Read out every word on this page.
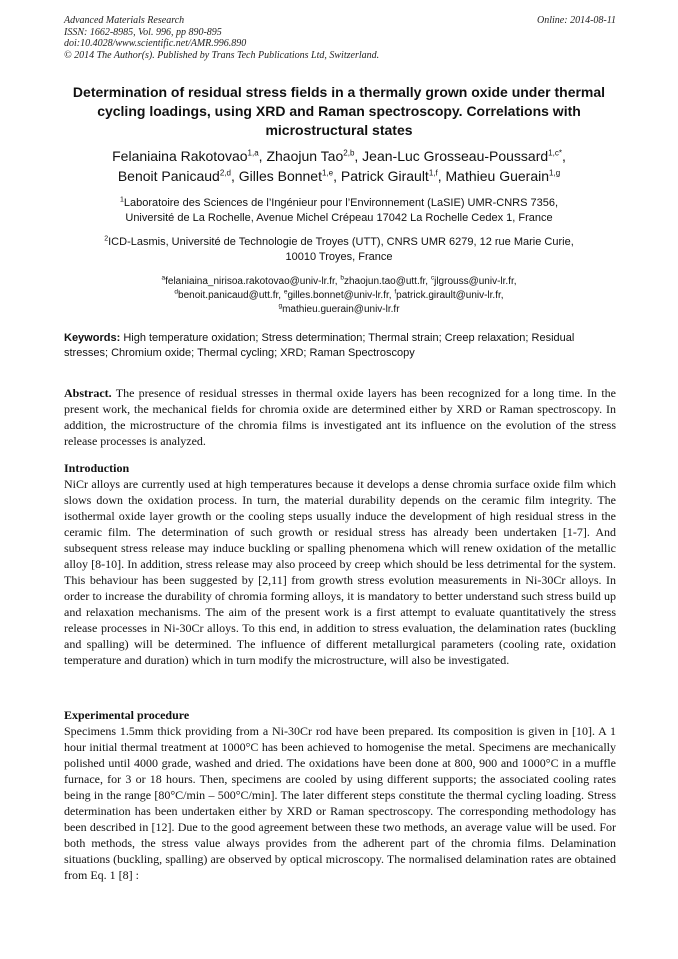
Advanced Materials Research
ISSN: 1662-8985, Vol. 996, pp 890-895
doi:10.4028/www.scientific.net/AMR.996.890
© 2014 The Author(s). Published by Trans Tech Publications Ltd, Switzerland.
Online: 2014-08-11
Determination of residual stress fields in a thermally grown oxide under thermal cycling loadings, using XRD and Raman spectroscopy. Correlations with microstructural states
Felaniaina Rakotovao$^{1,a}$, Zhaojun Tao$^{2,b}$, Jean-Luc Grosseau-Poussard$^{1,c*}$,
Benoit Panicaud$^{2,d}$, Gilles Bonnet$^{1,e}$, Patrick Girault$^{1,f}$, Mathieu Guerain$^{1,g}$
$^1$Laboratoire des Sciences de l’Ingénieur pour l’Environnement (LaSIE) UMR-CNRS 7356,
Université de La Rochelle, Avenue Michel Crépeau 17042 La Rochelle Cedex 1, France
$^2$ICD-Lasmis, Université de Technologie de Troyes (UTT), CNRS UMR 6279, 12 rue Marie Curie,
10010 Troyes, France
$^a$felaniaina_nirisoa.rakotovao@univ-lr.fr, $^b$zhaojun.tao@utt.fr, $^c$jlgrouss@univ-lr.fr,
$^d$benoit.panicaud@utt.fr, $^e$gilles.bonnet@univ-lr.fr, $^f$patrick.girault@univ-lr.fr,
$^g$mathieu.guerain@univ-lr.fr
Keywords: High temperature oxidation; Stress determination; Thermal strain; Creep relaxation; Residual stresses; Chromium oxide; Thermal cycling; XRD; Raman Spectroscopy
Abstract. The presence of residual stresses in thermal oxide layers has been recognized for a long time. In the present work, the mechanical fields for chromia oxide are determined either by XRD or Raman spectroscopy. In addition, the microstructure of the chromia films is investigated ant its influence on the evolution of the stress release processes is analyzed.
Introduction
NiCr alloys are currently used at high temperatures because it develops a dense chromia surface oxide film which slows down the oxidation process. In turn, the material durability depends on the ceramic film integrity. The isothermal oxide layer growth or the cooling steps usually induce the development of high residual stress in the ceramic film. The determination of such growth or residual stress has already been undertaken [1-7]. And subsequent stress release may induce buckling or spalling phenomena which will renew oxidation of the metallic alloy [8-10]. In addition, stress release may also proceed by creep which should be less detrimental for the system. This behaviour has been suggested by [2,11] from growth stress evolution measurements in Ni-30Cr alloys. In order to increase the durability of chromia forming alloys, it is mandatory to better understand such stress build up and relaxation mechanisms. The aim of the present work is a first attempt to evaluate quantitatively the stress release processes in Ni-30Cr alloys. To this end, in addition to stress evaluation, the delamination rates (buckling and spalling) will be determined. The influence of different metallurgical parameters (cooling rate, oxidation temperature and duration) which in turn modify the microstructure, will also be investigated.
Experimental procedure
Specimens 1.5mm thick providing from a Ni-30Cr rod have been prepared. Its composition is given in [10]. A 1 hour initial thermal treatment at 1000°C has been achieved to homogenise the metal. Specimens are mechanically polished until 4000 grade, washed and dried. The oxidations have been done at 800, 900 and 1000°C in a muffle furnace, for 3 or 18 hours. Then, specimens are cooled by using different supports; the associated cooling rates being in the range [80°C/min – 500°C/min]. The later different steps constitute the thermal cycling loading. Stress determination has been undertaken either by XRD or Raman spectroscopy. The corresponding methodology has been described in [12]. Due to the good agreement between these two methods, an average value will be used. For both methods, the stress value always provides from the adherent part of the chromia films. Delamination situations (buckling, spalling) are observed by optical microscopy. The normalised delamination rates are obtained from Eq. 1 [8] :
